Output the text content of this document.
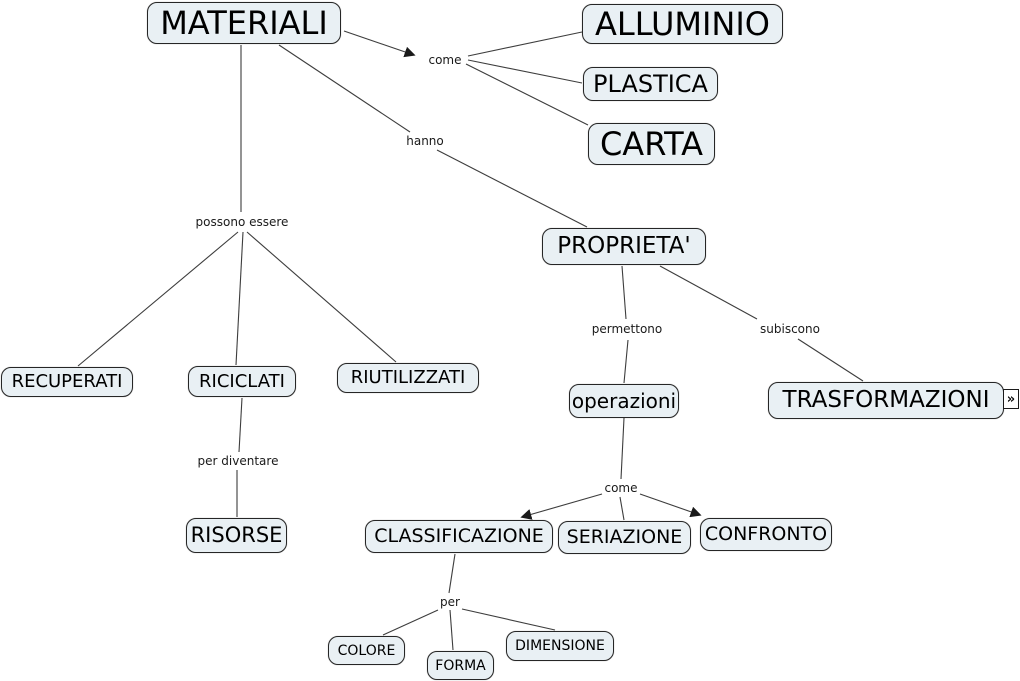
MATERIALI	ALLUMINIO
PLASTICA
CARTA
PROPRIETA'
RECUPERATI	RICICLATI	RIUTILIZZATI
operazioni	TRASFORMAZIONI
RISORSE	CLASSIFICAZIONE	SERIAZIONE	CONFRONTO
COLORE
FORMA
DIMENSIONE
come
hanno
possono essere
per diventare
permettono	subiscono
come
per
»
